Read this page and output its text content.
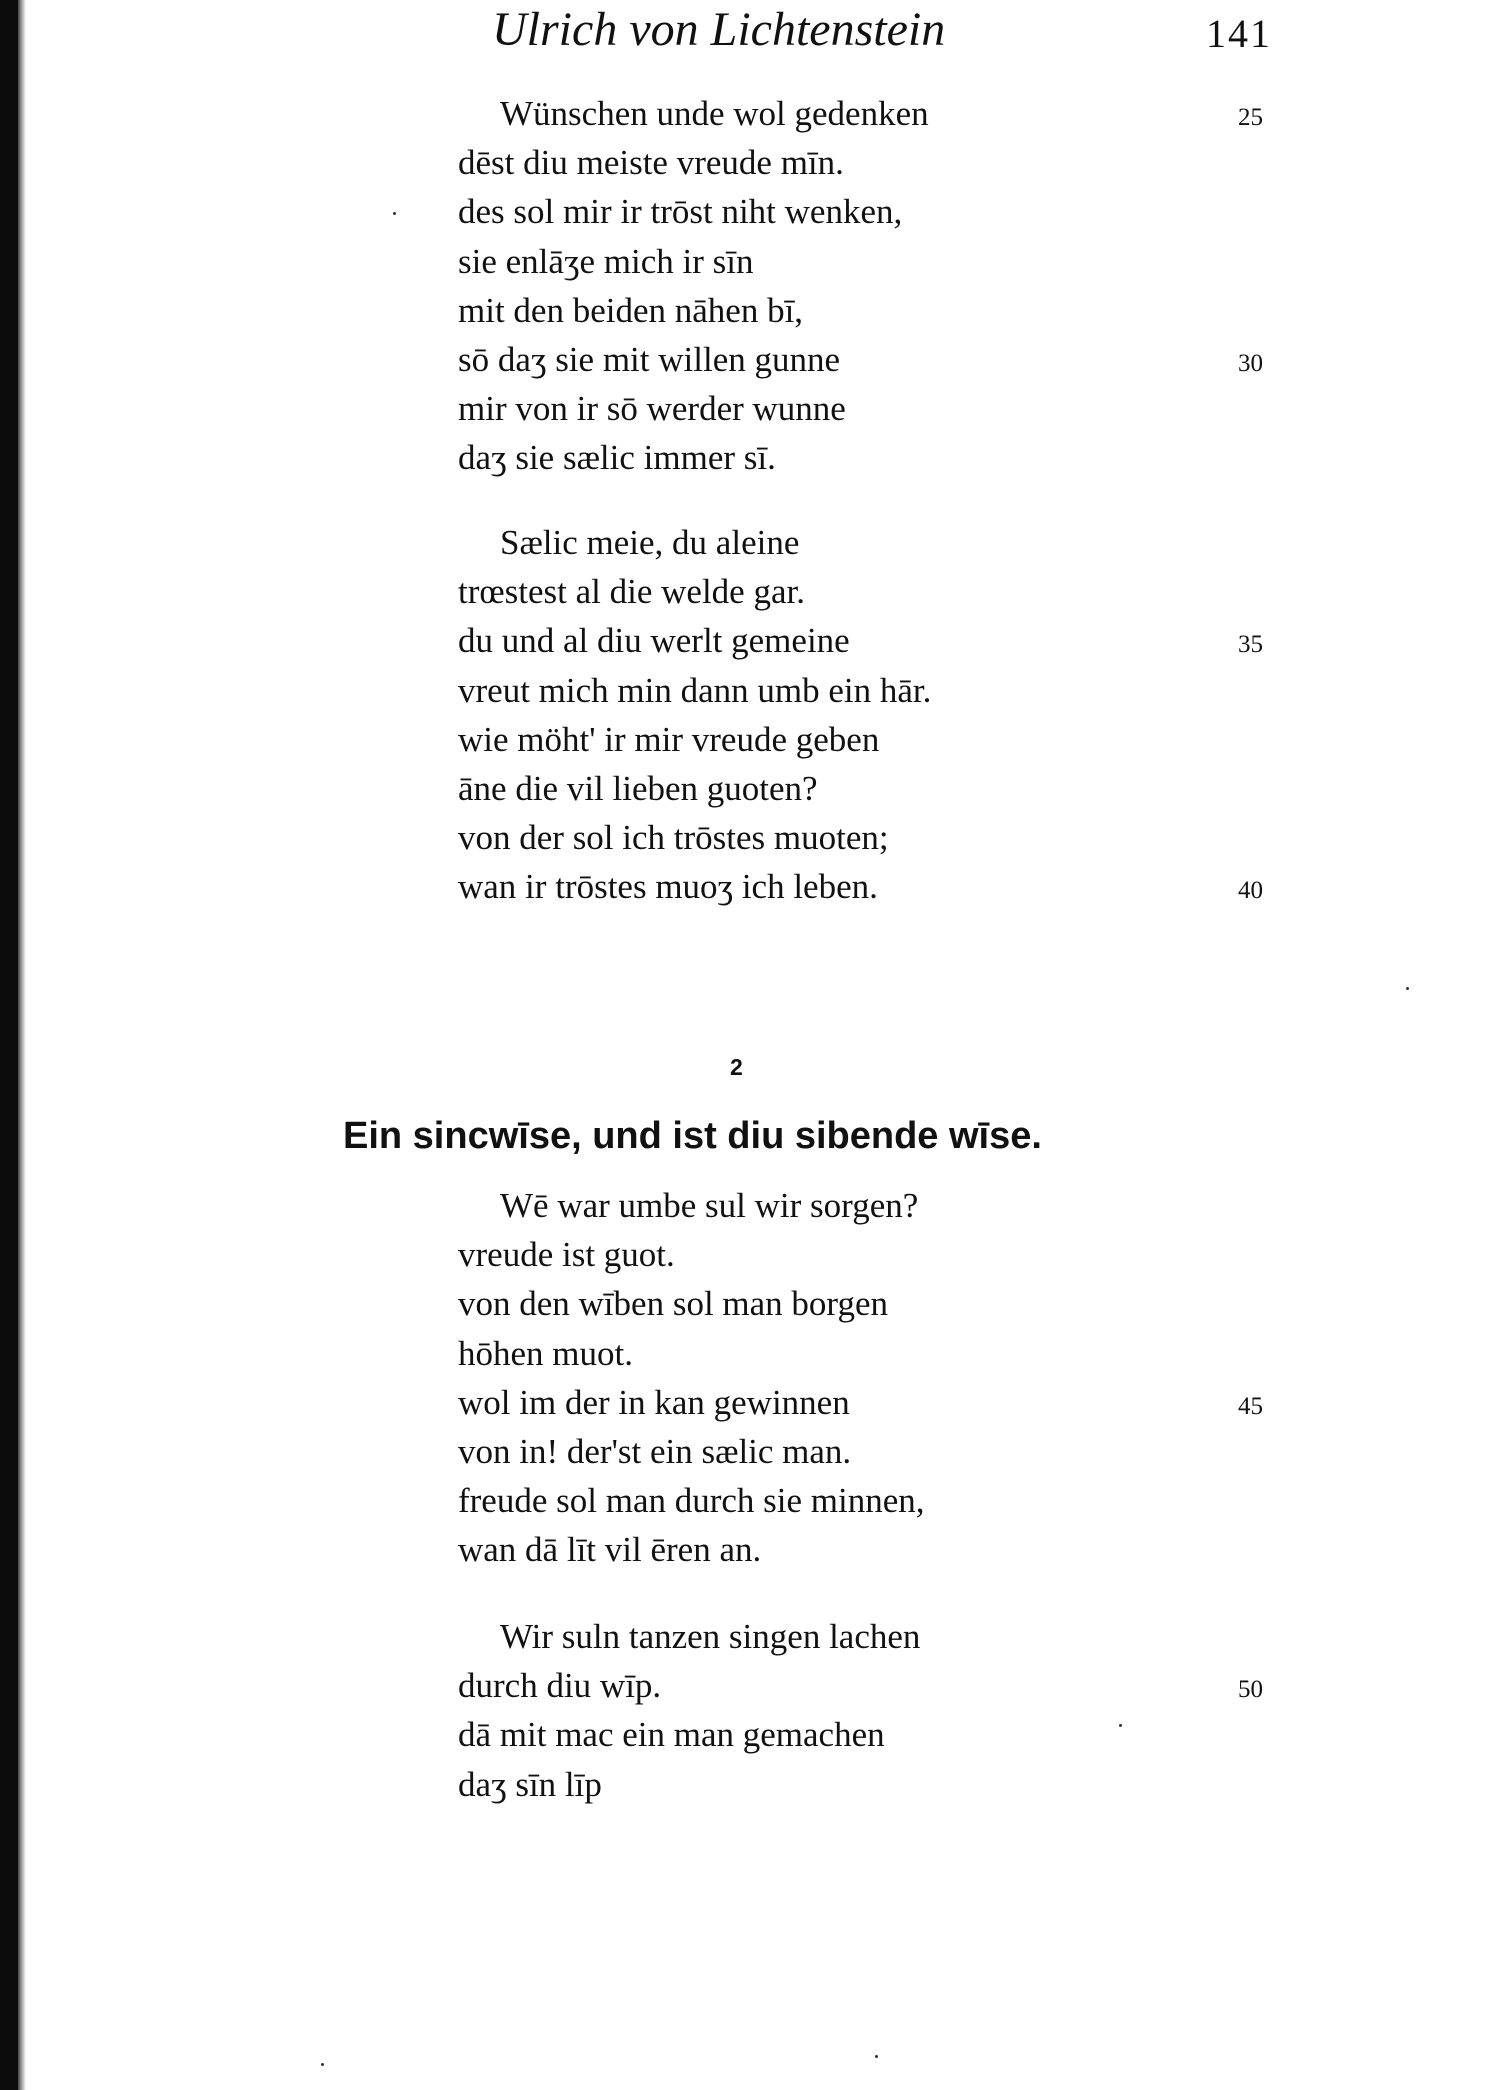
Ulrich von Lichtenstein	141
Wünschen unde wol gedenken	25
dēst diu meiste vreude mīn.
des sol mir ir trōst niht wenken,
sie enlāʒe mich ir sīn
mit den beiden nāhen bī,
sō daʒ sie mit willen gunne	30
mir von ir sō werder wunne
daʒ sie sælic immer sī.
Sælic meie, du aleine
trœstest al die welde gar.
du und al diu werlt gemeine	35
vreut mich min dann umb ein hār.
wie möht' ir mir vreude geben
āne die vil lieben guoten?
von der sol ich trōstes muoten;
wan ir trōstes muoʒ ich leben.	40
2
Ein sincwīse, und ist diu sibende wīse.
Wē war umbe sul wir sorgen?
vreude ist guot.
von den wīben sol man borgen
hōhen muot.
wol im der in kan gewinnen	45
von in! der'st ein sælic man.
freude sol man durch sie minnen,
wan dā līt vil ēren an.
Wir suln tanzen singen lachen
durch diu wīp.	50
dā mit mac ein man gemachen
daʒ sīn līp
